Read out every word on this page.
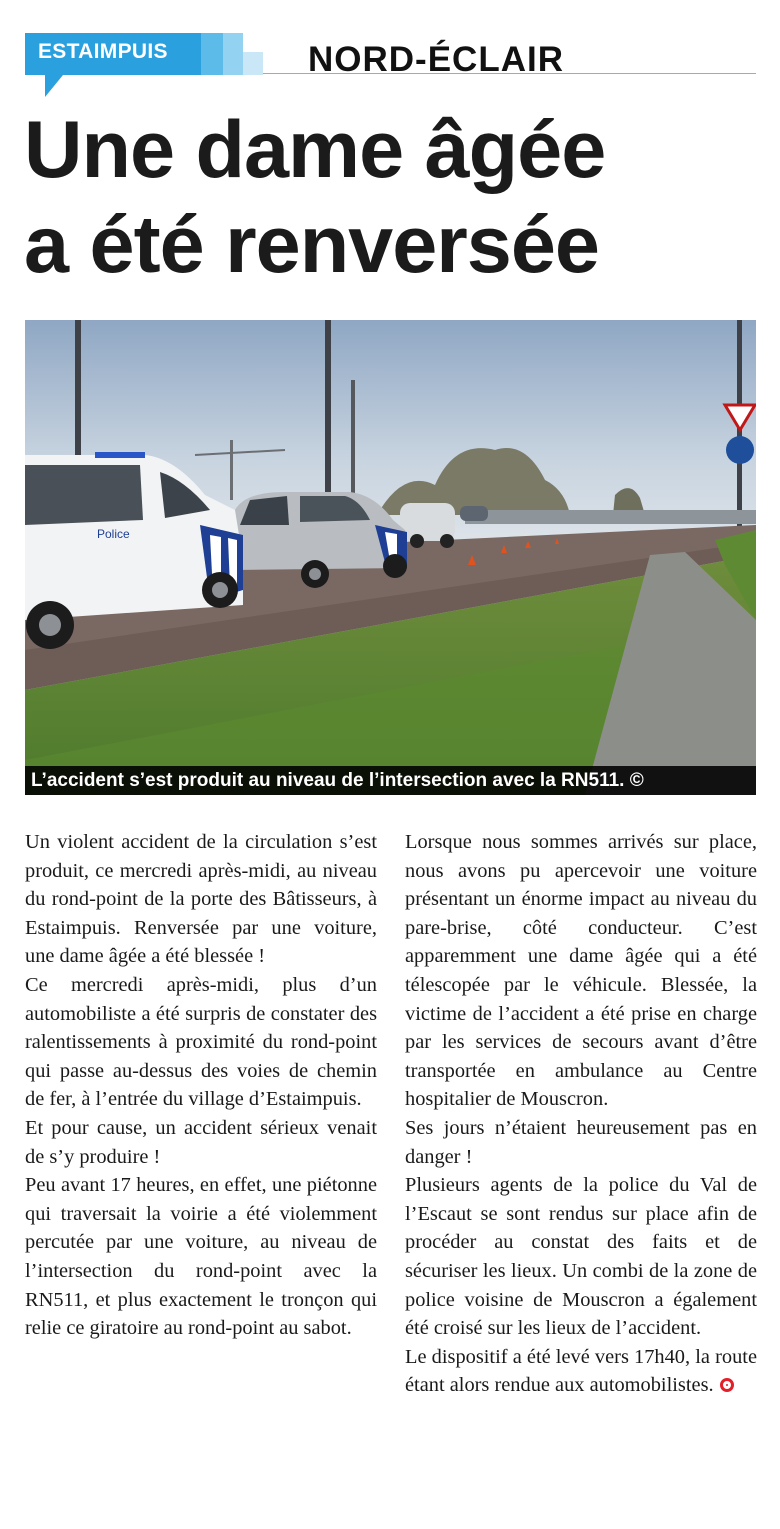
ESTAIMPUIS	NORD-ÉCLAIR
Une dame âgée
a été renversée
Police
L’accident s’est produit au niveau de l’intersection avec la RN511. ©

Un violent accident de la circulation s’est produit, ce mercredi après-midi, au niveau du rond-point de la porte des Bâtisseurs, à Estaimpuis. Renversée par une voiture, une dame âgée a été blessée !

Ce mercredi après-midi, plus d’un automobiliste a été surpris de constater des ralentissements à proximité du rond-point qui passe au-dessus des voies de chemin de fer, à l’entrée du village d’Estaimpuis.

Et pour cause, un accident sérieux venait de s’y produire !

Peu avant 17 heures, en effet, une piétonne qui traversait la voirie a été violemment percutée par une voiture, au niveau de l’intersection du rond-point avec la RN511, et plus exactement le tronçon qui relie ce giratoire au rond-point au sabot.

Lorsque nous sommes arrivés sur place, nous avons pu apercevoir une voiture présentant un énorme impact au niveau du pare-brise, côté conducteur. C’est apparemment une dame âgée qui a été télescopée par le véhicule. Blessée, la victime de l’accident a été prise en charge par les services de secours avant d’être transportée en ambulance au Centre hospitalier de Mouscron.

Ses jours n’étaient heureusement pas en danger !

Plusieurs agents de la police du Val de l’Escaut se sont rendus sur place afin de procéder au constat des faits et de sécuriser les lieux. Un combi de la zone de police voisine de Mouscron a également été croisé sur les lieux de l’accident.

Le dispositif a été levé vers 17h40, la route étant alors rendue aux automobilistes.
